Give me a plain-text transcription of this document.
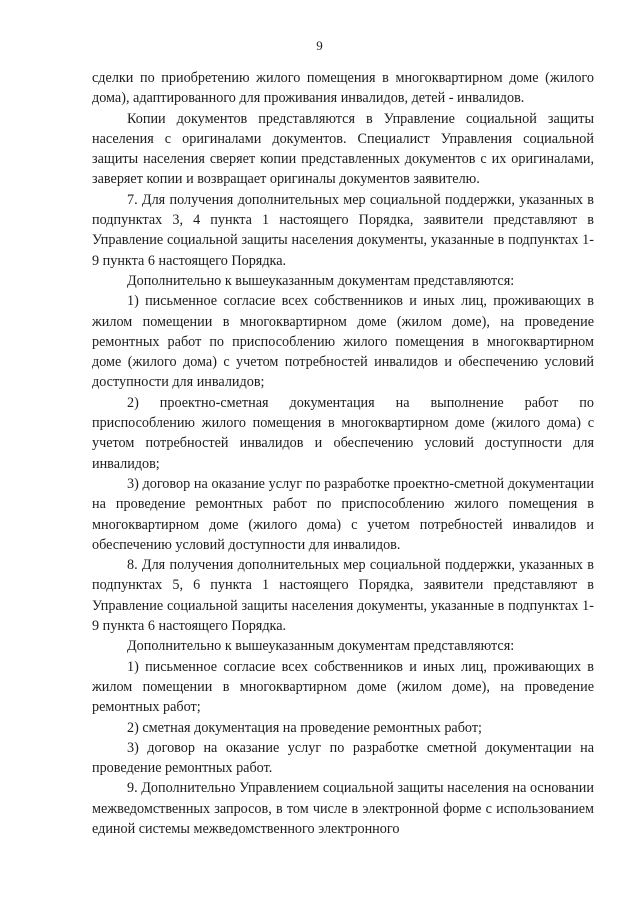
9

сделки по приобретению жилого помещения в многоквартирном доме (жилого дома), адаптированного для проживания инвалидов, детей - инвалидов.

Копии документов представляются в Управление социальной защиты населения с оригиналами документов. Специалист Управления социальной защиты населения сверяет копии представленных документов с их оригиналами, заверяет копии и возвращает оригиналы документов заявителю.

7. Для получения дополнительных мер социальной поддержки, указанных в подпунктах 3, 4 пункта 1 настоящего Порядка, заявители представляют в Управление социальной защиты населения документы, указанные в подпунктах 1-9 пункта 6 настоящего Порядка.

Дополнительно к вышеуказанным документам представляются:

1) письменное согласие всех собственников и иных лиц, проживающих в жилом помещении в многоквартирном доме (жилом доме), на проведение ремонтных работ по приспособлению жилого помещения в многоквартирном доме (жилого дома) с учетом потребностей инвалидов и обеспечению условий доступности для инвалидов;

2) проектно-сметная документация на выполнение работ по приспособлению жилого помещения в многоквартирном доме (жилого дома) с учетом потребностей инвалидов и обеспечению условий доступности для инвалидов;

3) договор на оказание услуг по разработке проектно-сметной документации на проведение ремонтных работ по приспособлению жилого помещения в многоквартирном доме (жилого дома) с учетом потребностей инвалидов и обеспечению условий доступности для инвалидов.

8. Для получения дополнительных мер социальной поддержки, указанных в подпунктах 5, 6 пункта 1 настоящего Порядка, заявители представляют в Управление социальной защиты населения документы, указанные в подпунктах 1-9 пункта 6 настоящего Порядка.

Дополнительно к вышеуказанным документам представляются:

1) письменное согласие всех собственников и иных лиц, проживающих в жилом помещении в многоквартирном доме (жилом доме), на проведение ремонтных работ;

2) сметная документация на проведение ремонтных работ;

3) договор на оказание услуг по разработке сметной документации на проведение ремонтных работ.

9. Дополнительно Управлением социальной защиты населения на основании межведомственных запросов, в том числе в электронной форме с использованием единой системы межведомственного электронного
